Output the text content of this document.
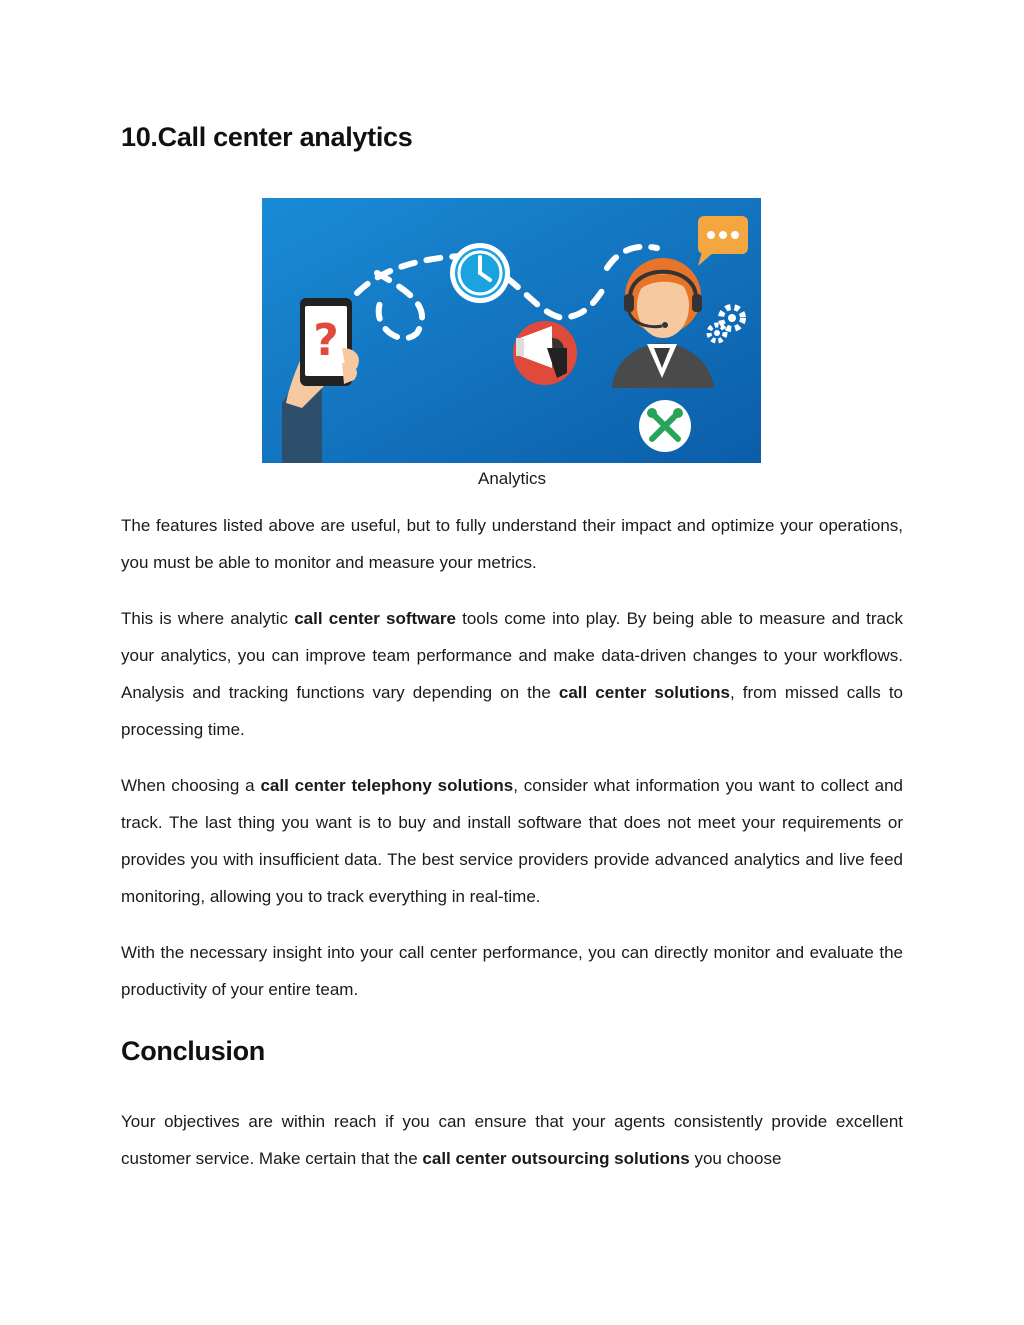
10.Call center analytics
?
Analytics

The features listed above are useful, but to fully understand their impact and optimize your operations, you must be able to monitor and measure your metrics.

This is where analytic call center software tools come into play. By being able to measure and track your analytics, you can improve team performance and make data-driven changes to your workflows. Analysis and tracking functions vary depending on the call center solutions, from missed calls to processing time.

When choosing a call center telephony solutions, consider what information you want to collect and track. The last thing you want is to buy and install software that does not meet your requirements or provides you with insufficient data. The best service providers provide advanced analytics and live feed monitoring, allowing you to track everything in real-time.

With the necessary insight into your call center performance, you can directly monitor and evaluate the productivity of your entire team.

Conclusion

Your objectives are within reach if you can ensure that your agents consistently provide excellent customer service. Make certain that the call center outsourcing solutions you choose
